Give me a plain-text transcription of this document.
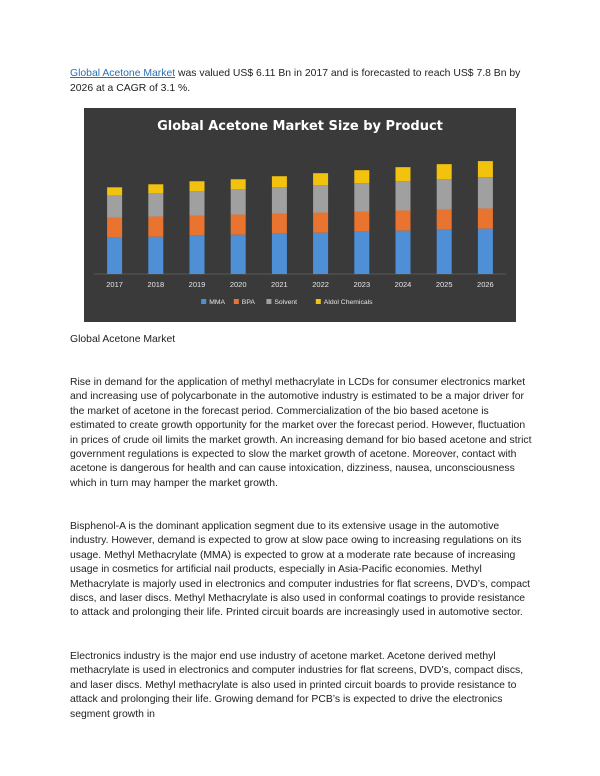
Global Acetone Market was valued US$ 6.11 Bn in 2017 and is forecasted to reach US$ 7.8 Bn by 2026 at a CAGR of 3.1 %.

Global Acetone Market Size by Product
2017	2018	2019	2020	2021	2022	2023	2024	2025	2026
MMA BPA	Solvent	Aldol Chemicals

Global Acetone Market

Rise in demand for the application of methyl methacrylate in LCDs for consumer electronics market and increasing use of polycarbonate in the automotive industry is estimated to be a major driver for the market of acetone in the forecast period. Commercialization of the bio based acetone is estimated to create growth opportunity for the market over the forecast period. However, fluctuation in prices of crude oil limits the market growth. An increasing demand for bio based acetone and strict government regulations is expected to slow the market growth of acetone. Moreover, contact with acetone is dangerous for health and can cause intoxication, dizziness, nausea, unconsciousness which in turn may hamper the market growth.

Bisphenol-A is the dominant application segment due to its extensive usage in the automotive industry. However, demand is expected to grow at slow pace owing to increasing regulations on its usage. Methyl Methacrylate (MMA) is expected to grow at a moderate rate because of increasing usage in cosmetics for artificial nail products, especially in Asia-Pacific economies. Methyl Methacrylate is majorly used in electronics and computer industries for flat screens, DVD’s, compact discs, and laser discs. Methyl Methacrylate is also used in conformal coatings to provide resistance to attack and prolonging their life. Printed circuit boards are increasingly used in automotive sector.

Electronics industry is the major end use industry of acetone market. Acetone derived methyl methacrylate is used in electronics and computer industries for flat screens, DVD’s, compact discs, and laser discs. Methyl methacrylate is also used in printed circuit boards to provide resistance to attack and prolonging their life. Growing demand for PCB’s is expected to drive the electronics segment growth in
